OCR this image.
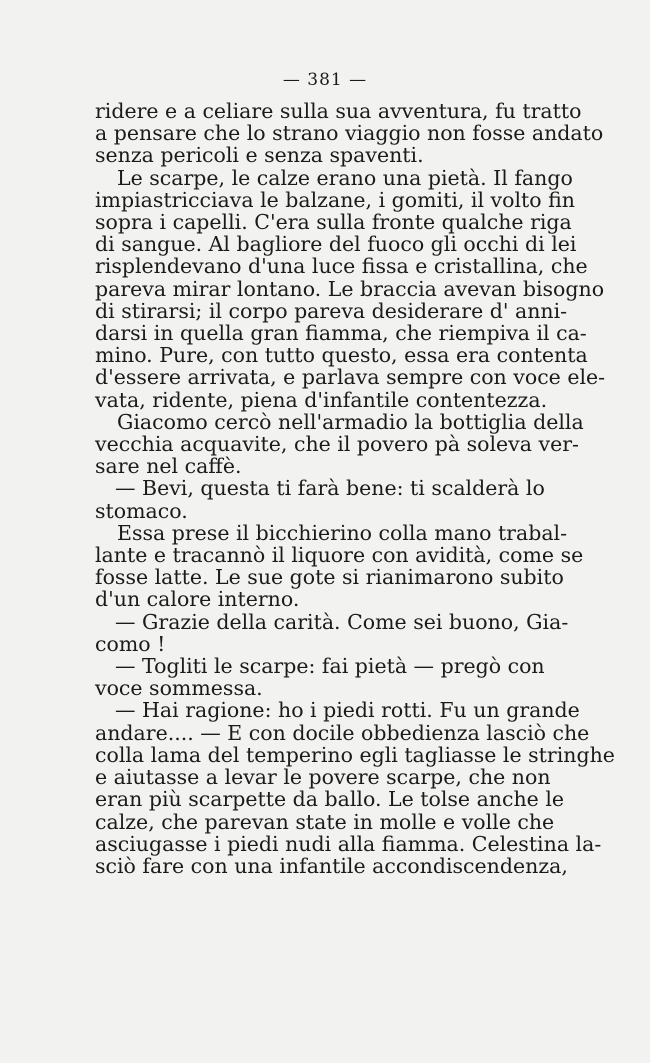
— 381 —
ridere e a celiare sulla sua avventura, fu tratto
a pensare che lo strano viaggio non fosse andato
senza pericoli e senza spaventi.
Le scarpe, le calze erano una pietà. Il fango
impiastricciava le balzane, i gomiti, il volto fin
sopra i capelli. C'era sulla fronte qualche riga
di sangue. Al bagliore del fuoco gli occhi di lei
risplendevano d'una luce fissa e cristallina, che
pareva mirar lontano. Le braccia avevan bisogno
di stirarsi; il corpo pareva desiderare d' anni-
darsi in quella gran fiamma, che riempiva il ca-
mino. Pure, con tutto questo, essa era contenta
d'essere arrivata, e parlava sempre con voce ele-
vata, ridente, piena d'infantile contentezza.
Giacomo cercò nell'armadio la bottiglia della
vecchia acquavite, che il povero pà soleva ver-
sare nel caffè.
— Bevi, questa ti farà bene: ti scalderà lo
stomaco.
Essa prese il bicchierino colla mano trabal-
lante e tracannò il liquore con avidità, come se
fosse latte. Le sue gote si rianimarono subito
d'un calore interno.
— Grazie della carità. Come sei buono, Gia-
como !
— Togliti le scarpe: fai pietà — pregò con
voce sommessa.
— Hai ragione: ho i piedi rotti. Fu un grande
andare.... — E con docile obbedienza lasciò che
colla lama del temperino egli tagliasse le stringhe
e aiutasse a levar le povere scarpe, che non
eran più scarpette da ballo. Le tolse anche le
calze, che parevan state in molle e volle che
asciugasse i piedi nudi alla fiamma. Celestina la-
sciò fare con una infantile accondiscendenza,
